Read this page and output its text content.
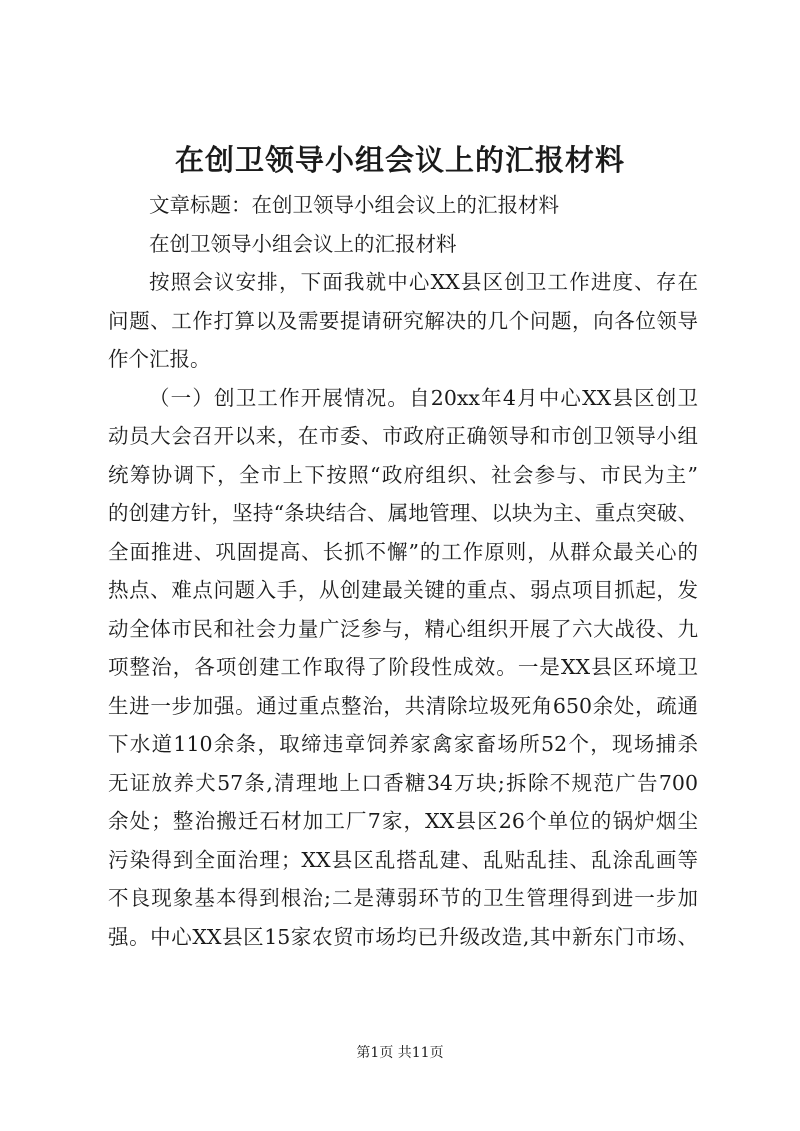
在创卫领导小组会议上的汇报材料
文章标题：在创卫领导小组会议上的汇报材料
在创卫领导小组会议上的汇报材料
按照会议安排，下面我就中心XX县区创卫工作进度、存在
问题、工作打算以及需要提请研究解决的几个问题，向各位领导
作个汇报。
（一）创卫工作开展情况。自20xx年4月中心XX县区创卫
动员大会召开以来，在市委、市政府正确领导和市创卫领导小组
统筹协调下，全市上下按照“政府组织、社会参与、市民为主”
的创建方针，坚持“条块结合、属地管理、以块为主、重点突破、
全面推进、巩固提高、长抓不懈”的工作原则，从群众最关心的
热点、难点问题入手，从创建最关键的重点、弱点项目抓起，发
动全体市民和社会力量广泛参与，精心组织开展了六大战役、九
项整治，各项创建工作取得了阶段性成效。一是XX县区环境卫
生进一步加强。通过重点整治，共清除垃圾死角650余处，疏通
下水道110余条，取缔违章饲养家禽家畜场所52个，现场捕杀
无证放养犬57条,清理地上口香糖34万块;拆除不规范广告700
余处；整治搬迁石材加工厂7家，XX县区26个单位的锅炉烟尘
污染得到全面治理；XX县区乱搭乱建、乱贴乱挂、乱涂乱画等
不良现象基本得到根治;二是薄弱环节的卫生管理得到进一步加
强。中心XX县区15家农贸市场均已升级改造,其中新东门市场、
第1页 共11页
